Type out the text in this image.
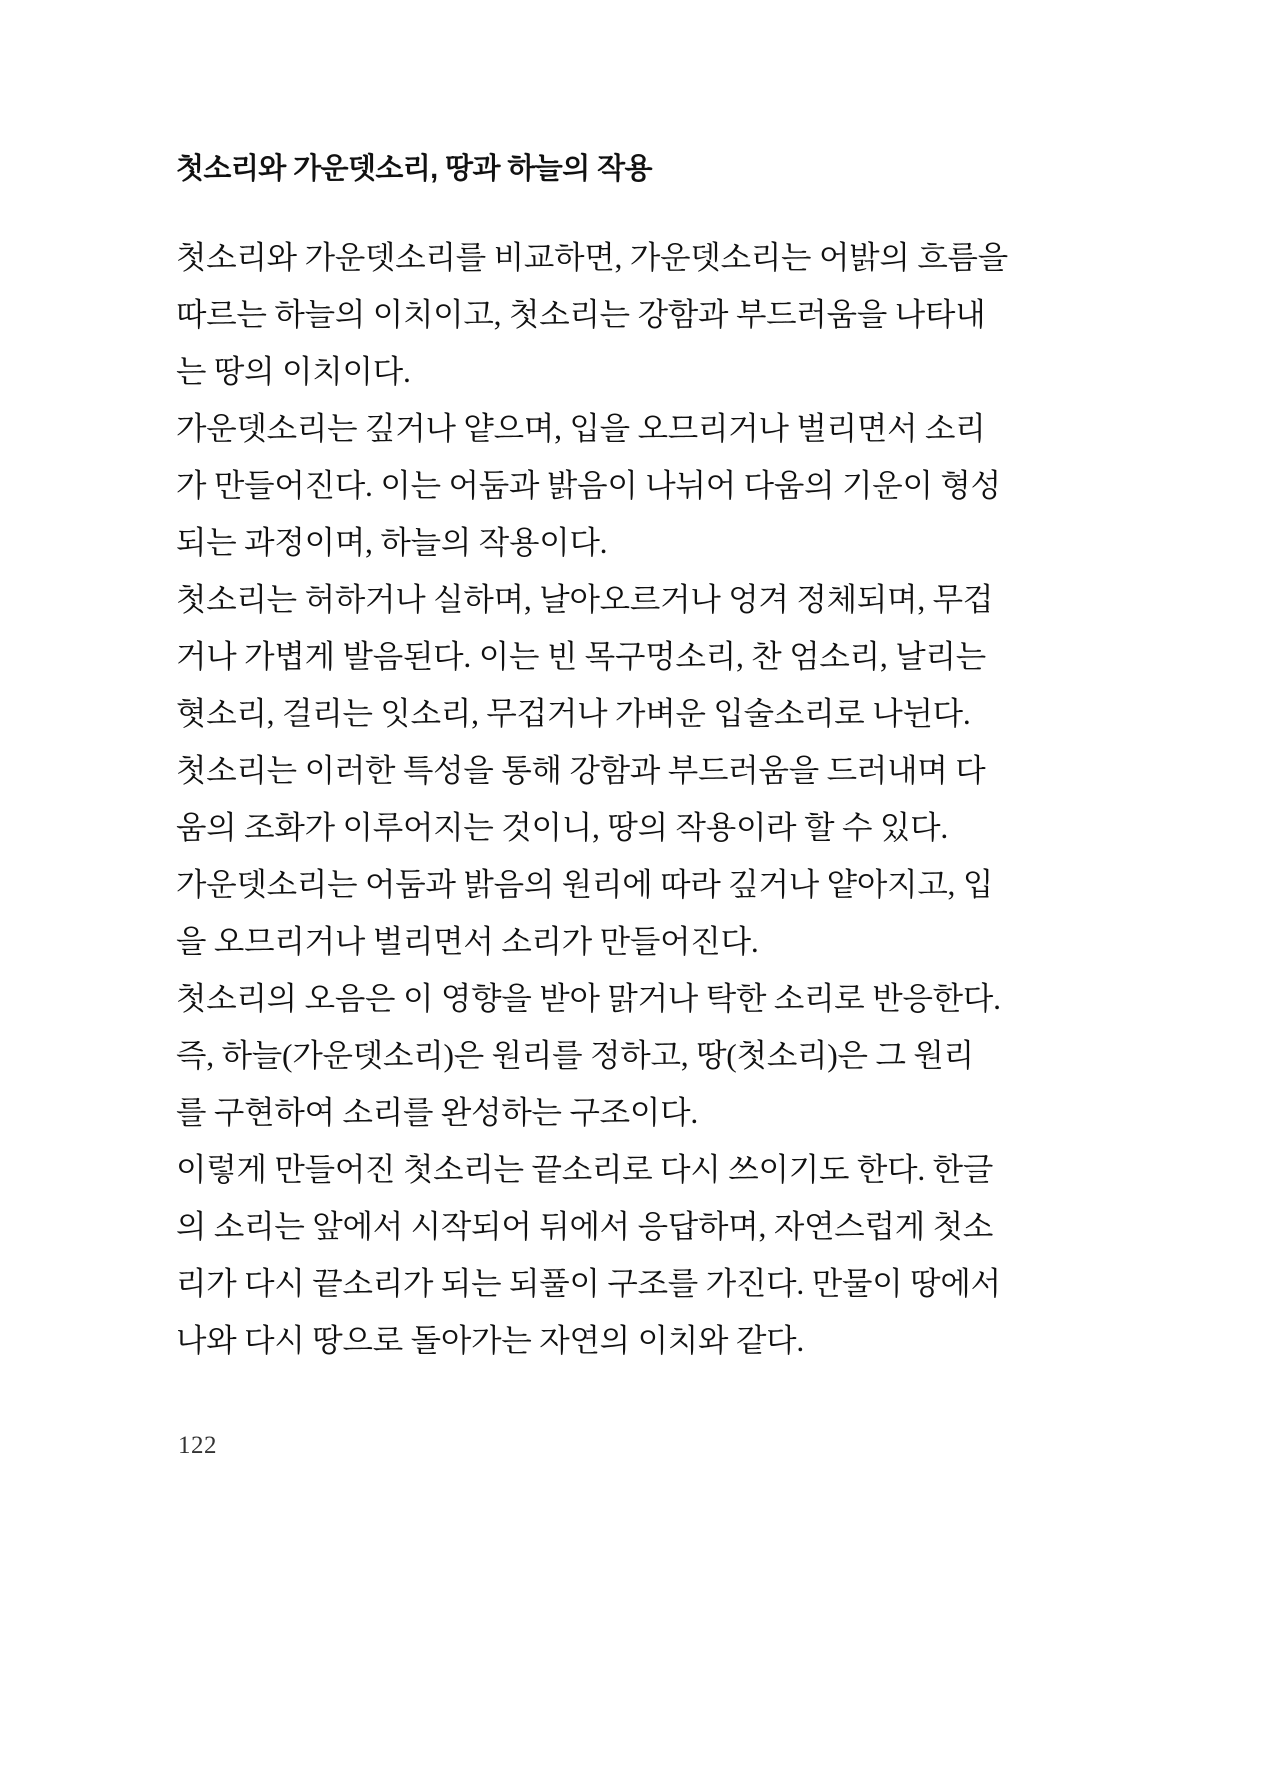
첫소리와 가운뎃소리, 땅과 하늘의 작용

첫소리와 가운뎃소리를 비교하면, 가운뎃소리는 어밝의 흐름을
따르는 하늘의 이치이고, 첫소리는 강함과 부드러움을 나타내
는 땅의 이치이다.
가운뎃소리는 깊거나 얕으며, 입을 오므리거나 벌리면서 소리
가 만들어진다. 이는 어둠과 밝음이 나뉘어 다움의 기운이 형성
되는 과정이며, 하늘의 작용이다.
첫소리는 허하거나 실하며, 날아오르거나 엉겨 정체되며, 무겁
거나 가볍게 발음된다. 이는 빈 목구멍소리, 찬 엄소리, 날리는
혓소리, 걸리는 잇소리, 무겁거나 가벼운 입술소리로 나뉜다.
첫소리는 이러한 특성을 통해 강함과 부드러움을 드러내며 다
움의 조화가 이루어지는 것이니, 땅의 작용이라 할 수 있다.

가운뎃소리는 어둠과 밝음의 원리에 따라 깊거나 얕아지고, 입
을 오므리거나 벌리면서 소리가 만들어진다.
첫소리의 오음은 이 영향을 받아 맑거나 탁한 소리로 반응한다.
즉, 하늘(가운뎃소리)은 원리를 정하고, 땅(첫소리)은 그 원리
를 구현하여 소리를 완성하는 구조이다.
이렇게 만들어진 첫소리는 끝소리로 다시 쓰이기도 한다. 한글
의 소리는 앞에서 시작되어 뒤에서 응답하며, 자연스럽게 첫소
리가 다시 끝소리가 되는 되풀이 구조를 가진다. 만물이 땅에서
나와 다시 땅으로 돌아가는 자연의 이치와 같다.

122
